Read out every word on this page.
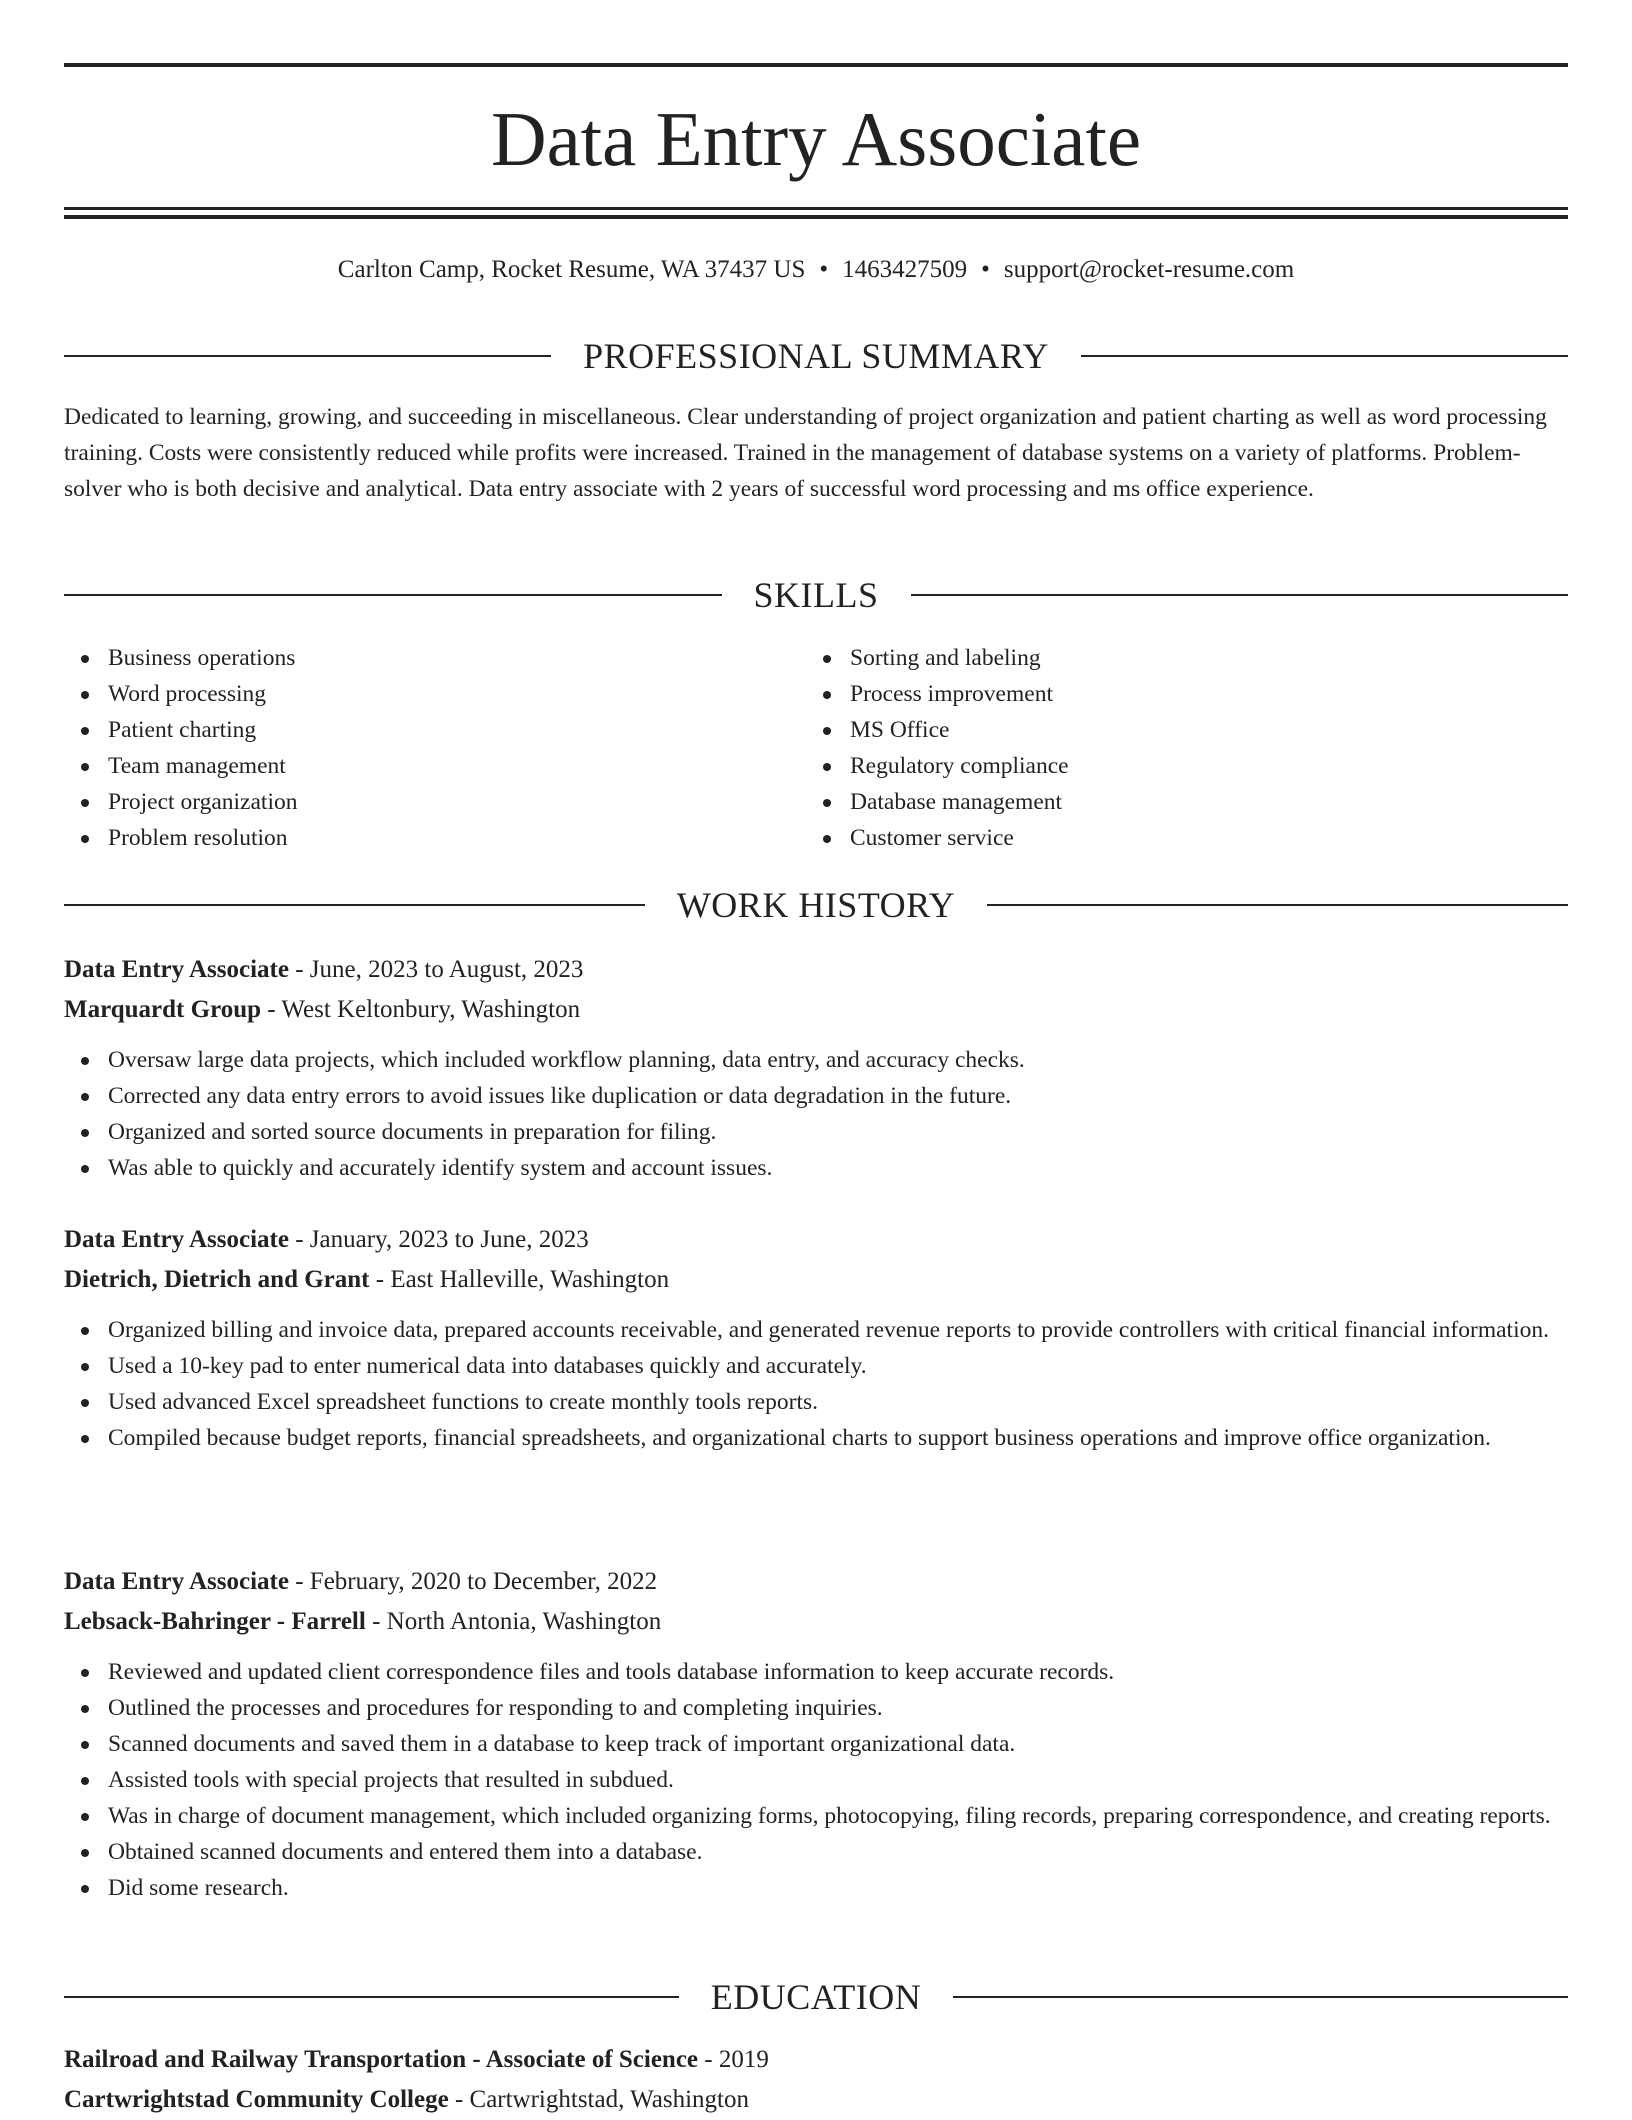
Data Entry Associate
Carlton Camp, Rocket Resume, WA 37437 US • 1463427509 • support@rocket-resume.com
PROFESSIONAL SUMMARY

Dedicated to learning, growing, and succeeding in miscellaneous. Clear understanding of project organization and patient charting as well as word processing training. Costs were consistently reduced while profits were increased. Trained in the management of database systems on a variety of platforms. Problem-solver who is both decisive and analytical. Data entry associate with 2 years of successful word processing and ms office experience.

SKILLS
Business operations
Word processing
Patient charting
Team management
Project organization
Problem resolution
Sorting and labeling
Process improvement
MS Office
Regulatory compliance
Database management
Customer service
WORK HISTORY
Data Entry Associate - June, 2023 to August, 2023
Marquardt Group - West Keltonbury, Washington
Oversaw large data projects, which included workflow planning, data entry, and accuracy checks.
Corrected any data entry errors to avoid issues like duplication or data degradation in the future.
Organized and sorted source documents in preparation for filing.
Was able to quickly and accurately identify system and account issues.
Data Entry Associate - January, 2023 to June, 2023
Dietrich, Dietrich and Grant - East Halleville, Washington
Organized billing and invoice data, prepared accounts receivable, and generated revenue reports to provide controllers with critical financial information.
Used a 10-key pad to enter numerical data into databases quickly and accurately.
Used advanced Excel spreadsheet functions to create monthly tools reports.
Compiled because budget reports, financial spreadsheets, and organizational charts to support business operations and improve office organization.
Data Entry Associate - February, 2020 to December, 2022
Lebsack-Bahringer - Farrell - North Antonia, Washington
Reviewed and updated client correspondence files and tools database information to keep accurate records.
Outlined the processes and procedures for responding to and completing inquiries.
Scanned documents and saved them in a database to keep track of important organizational data.
Assisted tools with special projects that resulted in subdued.
Was in charge of document management, which included organizing forms, photocopying, filing records, preparing correspondence, and creating reports.
Obtained scanned documents and entered them into a database.
Did some research.
EDUCATION
Railroad and Railway Transportation - Associate of Science - 2019
Cartwrightstad Community College - Cartwrightstad, Washington
